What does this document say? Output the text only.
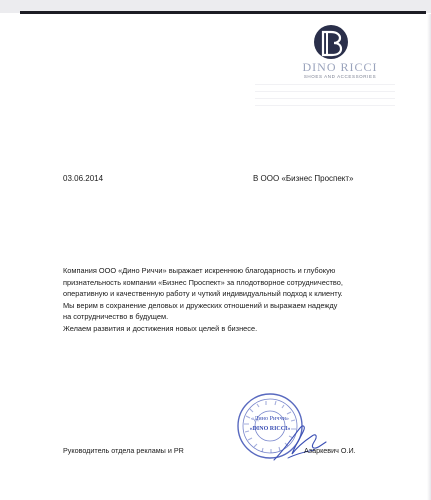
DINO RICCI
SHOES AND ACCESSORIES
03.06.2014	В ООО «Бизнес Проспект»

Компания ООО «Дино Риччи» выражает искреннюю благодарность и глубокую

признательность компании «Бизнес Проспект» за плодотворное сотрудничество,

оперативную и качественную работу и чуткий индивидуальный подход к клиенту.

Мы верим в сохранение деловых и дружеских отношений и выражаем надежду

на сотрудничество в будущем.

Желаем развития и достижения новых целей в бизнесе.

«Дино Риччи»
«DINO RICCI»
Руководитель отдела рекламы и PR	Азаркевич О.И.
